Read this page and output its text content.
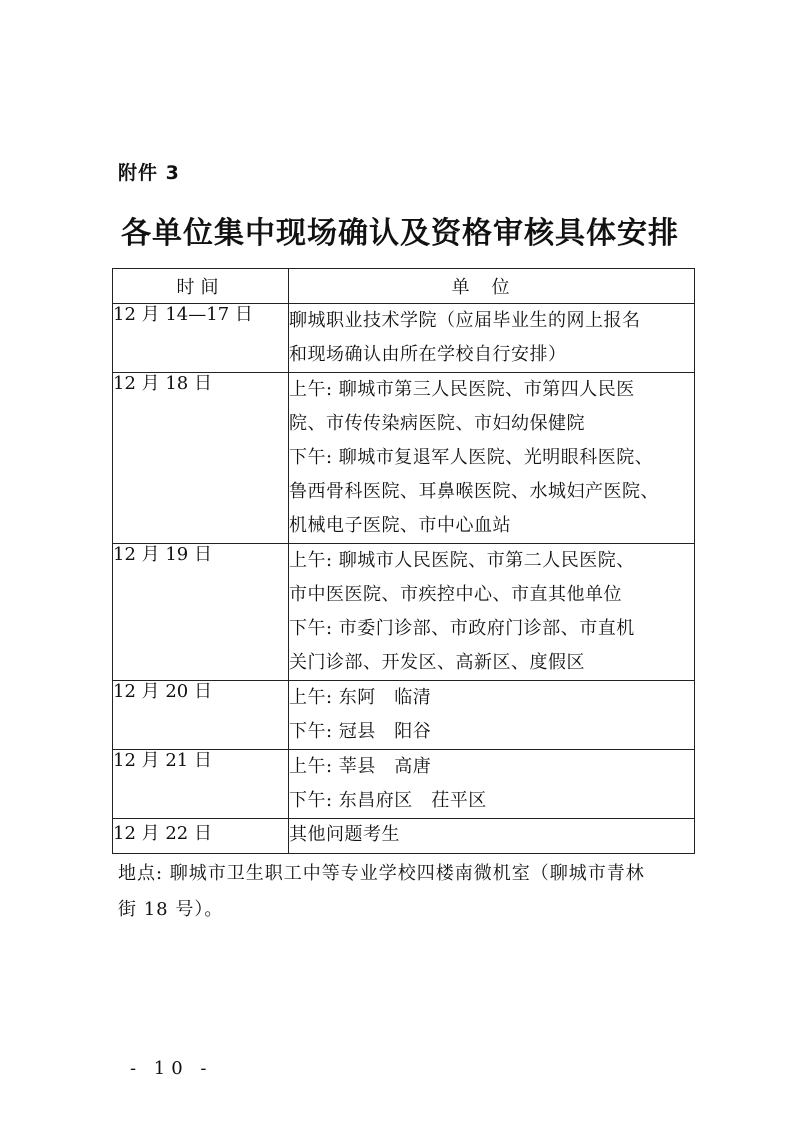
附件 3
各单位集中现场确认及资格审核具体安排
时间	单位
12 月 14—17 日	聊城职业技术学院（应届毕业生的网上报名
和现场确认由所在学校自行安排）

12 月 18 日	上午: 聊城市第三人民医院、市第四人民医
院、市传传染病医院、市妇幼保健院
下午: 聊城市复退军人医院、光明眼科医院、
鲁西骨科医院、耳鼻喉医院、水城妇产医院、
机械电子医院、市中心血站

12 月 19 日	上午: 聊城市人民医院、市第二人民医院、
市中医医院、市疾控中心、市直其他单位
下午: 市委门诊部、市政府门诊部、市直机
关门诊部、开发区、高新区、度假区

12 月 20 日	上午: 东阿　临清
下午: 冠县　阳谷

12 月 21 日	上午: 莘县　高唐
下午: 东昌府区　茌平区

12 月 22 日	其他问题考生
地点: 聊城市卫生职工中等专业学校四楼南微机室（聊城市青林
街 18 号）。
- 10 -
